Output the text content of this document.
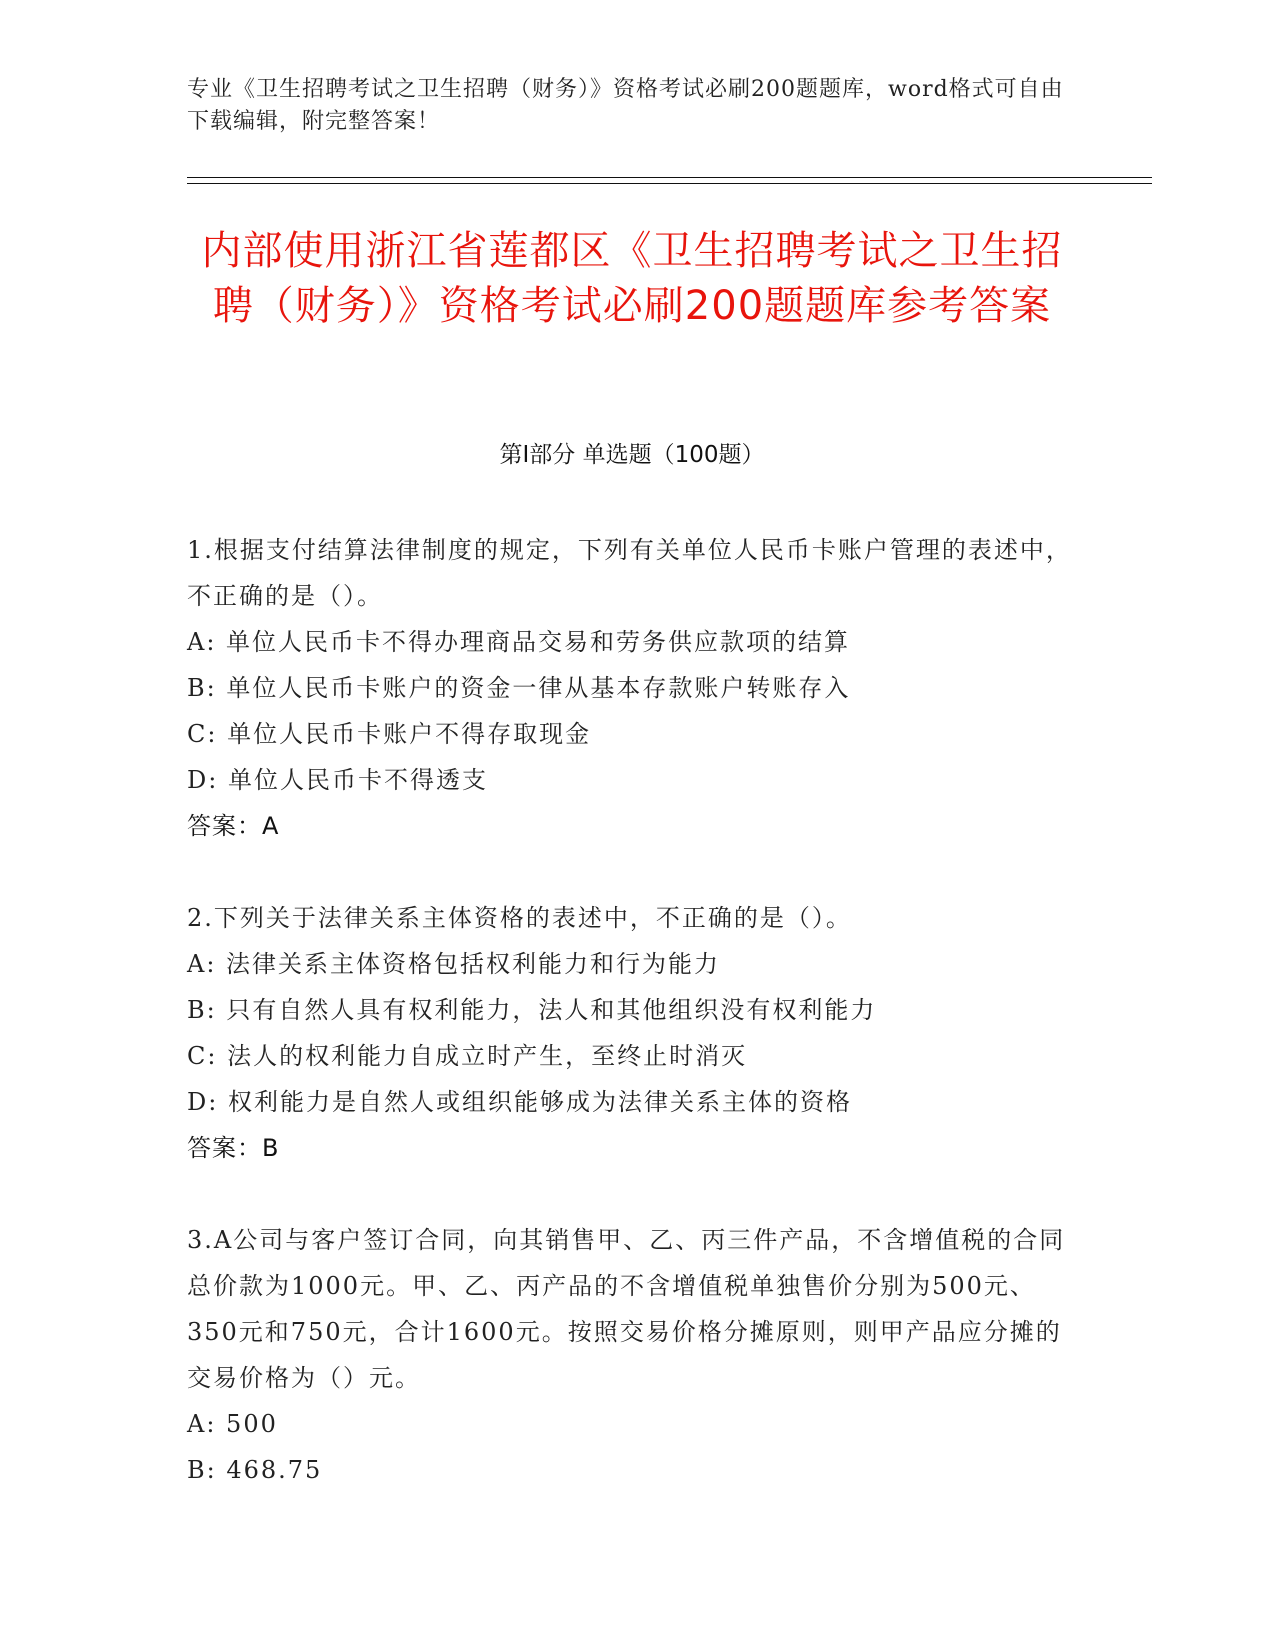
专业《卫生招聘考试之卫生招聘（财务）》资格考试必刷200题题库，word格式可自由下载编辑，附完整答案！
内部使用浙江省莲都区《卫生招聘考试之卫生招聘（财务）》资格考试必刷200题题库参考答案
第I部分 单选题（100题）

1.根据支付结算法律制度的规定，下列有关单位人民币卡账户管理的表述中，不正确的是（）。

A: 单位人民币卡不得办理商品交易和劳务供应款项的结算

B: 单位人民币卡账户的资金一律从基本存款账户转账存入

C: 单位人民币卡账户不得存取现金

D: 单位人民币卡不得透支

答案：A

2.下列关于法律关系主体资格的表述中，不正确的是（）。

A: 法律关系主体资格包括权利能力和行为能力

B: 只有自然人具有权利能力，法人和其他组织没有权利能力

C: 法人的权利能力自成立时产生，至终止时消灭

D: 权利能力是自然人或组织能够成为法律关系主体的资格

答案：B

3.A公司与客户签订合同，向其销售甲、乙、丙三件产品，不含增值税的合同总价款为1000元。甲、乙、丙产品的不含增值税单独售价分别为500元、350元和750元，合计1600元。按照交易价格分摊原则，则甲产品应分摊的交易价格为（）元。

A: 500

B: 468.75
